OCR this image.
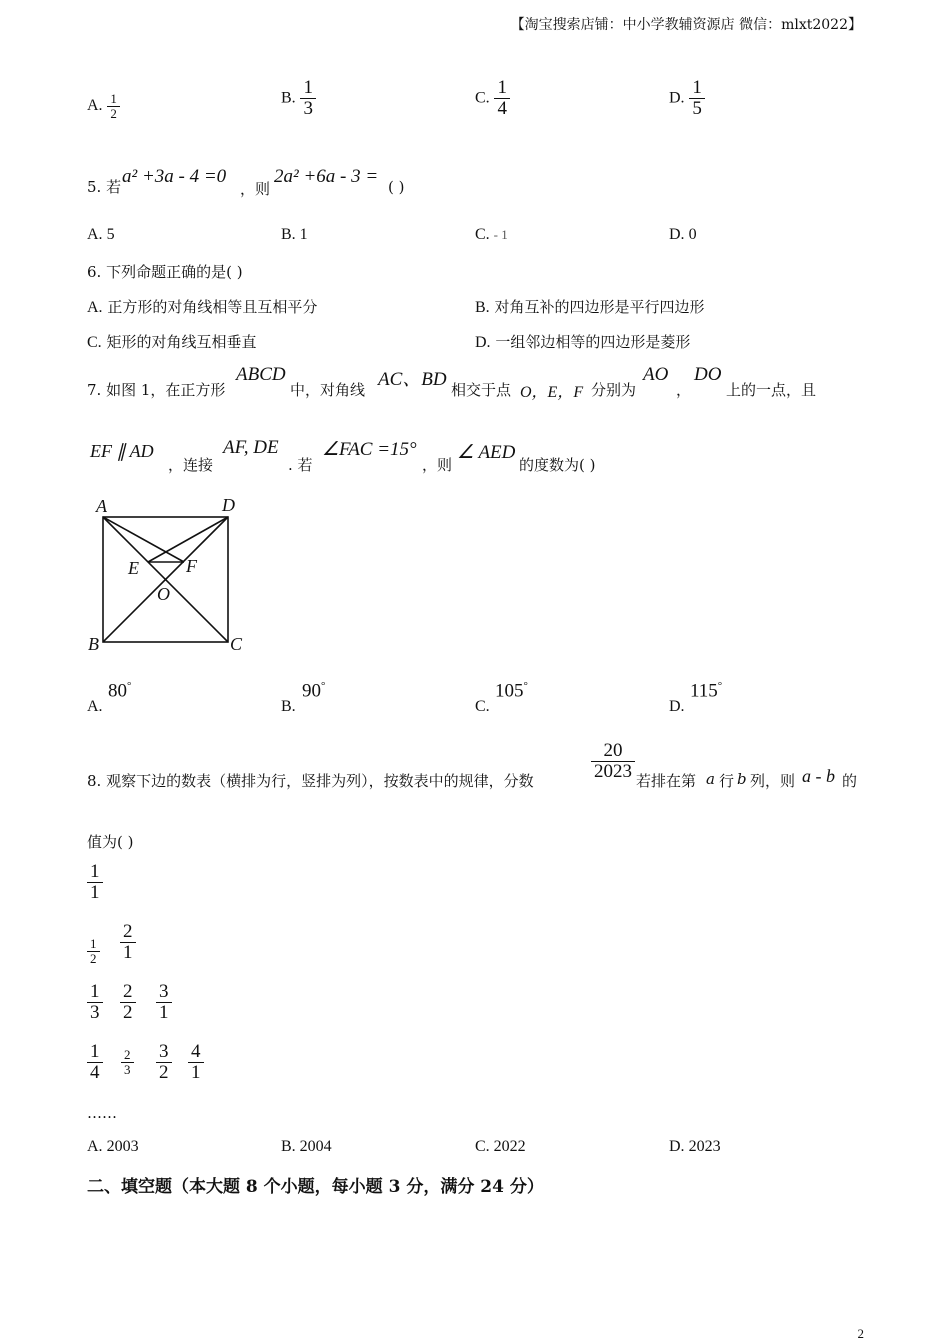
【淘宝搜索店铺：中小学教辅资源店 微信：mlxt2022】
A. $\frac{1}{2}$	B. $\frac{1}{3}$	C. $\frac{1}{4}$	D. $\frac{1}{5}$
5. 若 a² +3a - 4 =0
，则
2a² +6a - 3 = ( )
A. 5	B. 1	C. - 1	D. 0
6. 下列命题正确的是( )
A. 正方形的对角线相等且互相平分	B. 对角互补的四边形是平行四边形
C. 矩形的对角线互相垂直	D. 一组邻边相等的四边形是菱形
7. 如图 1，在正方形
ABCD
中，对角线 AC、BD 相交于点 O，E，F 分别为
AO
，
DO
上的一点，且
EF ∥ AD
，连接
AF, DE
. 若
∠FAC =15°
，则
∠ AED
的度数为( )
A	D
B	C
E	F
O
A.
80°
B.
90°
C.
105°
D.
115°
8. 观察下边的数表（横排为行，竖排为列），按数表中的规律，分数	$\frac{20}{2023}$ 若排在第 a 行 b 列，则 a - b 的
值为( )
$\frac{1}{1}$
$\frac{1}{2} \frac{2}{1}$
$\frac{1}{3} \frac{2}{2} \frac{3}{1}$
$\frac{1}{4} \frac{2}{3} \frac{3}{2} \frac{4}{1}$
……
A. 2003	B. 2004	C. 2022	D. 2023
二、填空题（本大题 8 个小题，每小题 3 分，满分 24 分）
2
